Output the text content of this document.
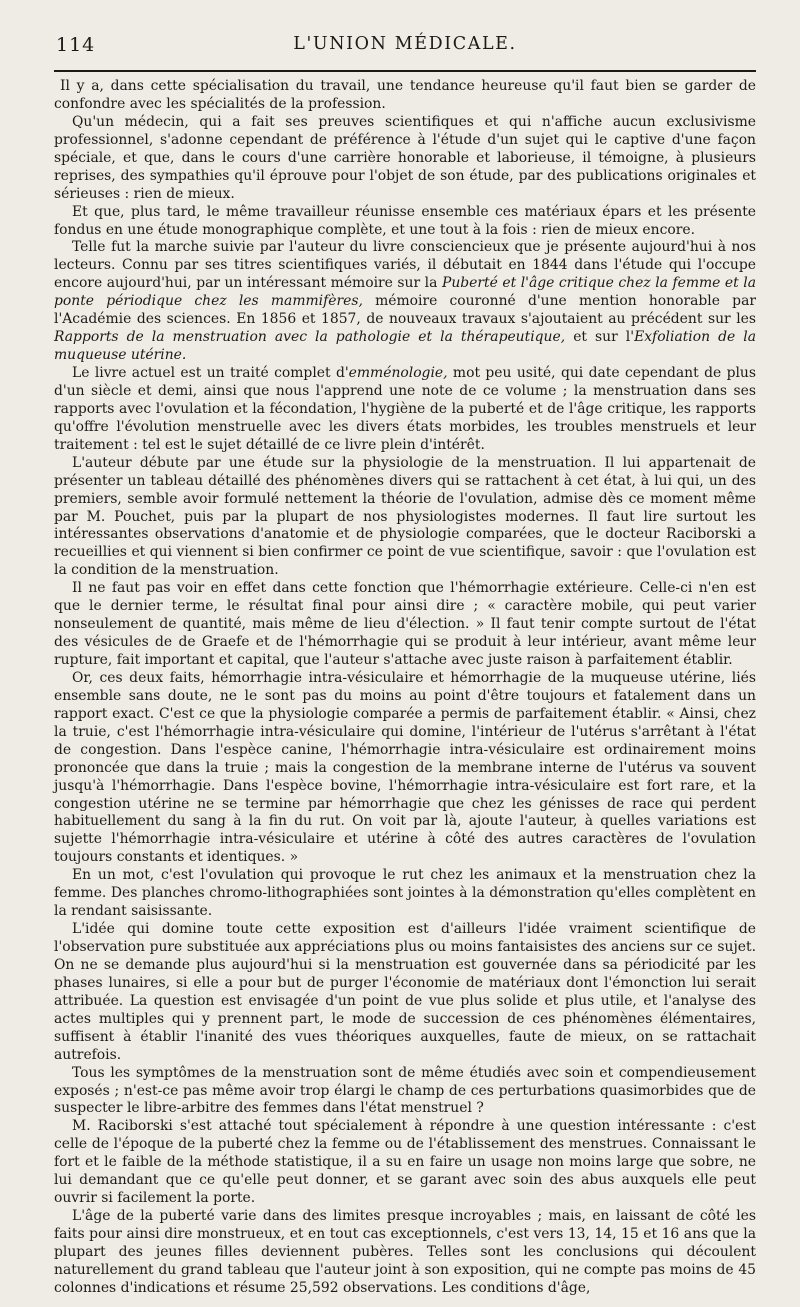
114	L'UNION MÉDICALE.

Il y a, dans cette spécialisation du travail, une tendance heureuse qu'il faut bien se garder de confondre avec les spécialités de la profession.

Qu'un médecin, qui a fait ses preuves scientifiques et qui n'affiche aucun exclusivisme professionnel, s'adonne cependant de préférence à l'étude d'un sujet qui le captive d'une façon spéciale, et que, dans le cours d'une carrière honorable et laborieuse, il témoigne, à plusieurs reprises, des sympathies qu'il éprouve pour l'objet de son étude, par des publications originales et sérieuses : rien de mieux.

Et que, plus tard, le même travailleur réunisse ensemble ces matériaux épars et les présente fondus en une étude monographique complète, et une tout à la fois : rien de mieux encore.

Telle fut la marche suivie par l'auteur du livre consciencieux que je présente aujourd'hui à nos lecteurs. Connu par ses titres scientifiques variés, il débutait en 1844 dans l'étude qui l'occupe encore aujourd'hui, par un intéressant mémoire sur la Puberté et l'âge critique chez la femme et la ponte périodique chez les mammifères, mémoire couronné d'une mention honorable par l'Académie des sciences. En 1856 et 1857, de nouveaux travaux s'ajoutaient au précédent sur les Rapports de la menstruation avec la pathologie et la thérapeutique, et sur l'Exfoliation de la muqueuse utérine.

Le livre actuel est un traité complet d'emménologie, mot peu usité, qui date cependant de plus d'un siècle et demi, ainsi que nous l'apprend une note de ce volume ; la menstruation dans ses rapports avec l'ovulation et la fécondation, l'hygiène de la puberté et de l'âge critique, les rapports qu'offre l'évolution menstruelle avec les divers états morbides, les troubles menstruels et leur traitement : tel est le sujet détaillé de ce livre plein d'intérêt.

L'auteur débute par une étude sur la physiologie de la menstruation. Il lui appartenait de présenter un tableau détaillé des phénomènes divers qui se rattachent à cet état, à lui qui, un des premiers, semble avoir formulé nettement la théorie de l'ovulation, admise dès ce moment même par M. Pouchet, puis par la plupart de nos physiologistes modernes. Il faut lire surtout les intéressantes observations d'anatomie et de physiologie comparées, que le docteur Raciborski a recueillies et qui viennent si bien confirmer ce point de vue scientifique, savoir : que l'ovulation est la condition de la menstruation.

Il ne faut pas voir en effet dans cette fonction que l'hémorrhagie extérieure. Celle-ci n'en est que le dernier terme, le résultat final pour ainsi dire ; « caractère mobile, qui peut varier nonseulement de quantité, mais même de lieu d'élection. » Il faut tenir compte surtout de l'état des vésicules de de Graefe et de l'hémorrhagie qui se produit à leur intérieur, avant même leur rupture, fait important et capital, que l'auteur s'attache avec juste raison à parfaitement établir.

Or, ces deux faits, hémorrhagie intra-vésiculaire et hémorrhagie de la muqueuse utérine, liés ensemble sans doute, ne le sont pas du moins au point d'être toujours et fatalement dans un rapport exact. C'est ce que la physiologie comparée a permis de parfaitement établir. « Ainsi, chez la truie, c'est l'hémorrhagie intra-vésiculaire qui domine, l'intérieur de l'utérus s'arrêtant à l'état de congestion. Dans l'espèce canine, l'hémorrhagie intra-vésiculaire est ordinairement moins prononcée que dans la truie ; mais la congestion de la membrane interne de l'utérus va souvent jusqu'à l'hémorrhagie. Dans l'espèce bovine, l'hémorrhagie intra-vésiculaire est fort rare, et la congestion utérine ne se termine par hémorrhagie que chez les génisses de race qui perdent habituellement du sang à la fin du rut. On voit par là, ajoute l'auteur, à quelles variations est sujette l'hémorrhagie intra-vésiculaire et utérine à côté des autres caractères de l'ovulation toujours constants et identiques. »

En un mot, c'est l'ovulation qui provoque le rut chez les animaux et la menstruation chez la femme. Des planches chromo-lithographiées sont jointes à la démonstration qu'elles complètent en la rendant saisissante.

L'idée qui domine toute cette exposition est d'ailleurs l'idée vraiment scientifique de l'observation pure substituée aux appréciations plus ou moins fantaisistes des anciens sur ce sujet. On ne se demande plus aujourd'hui si la menstruation est gouvernée dans sa périodicité par les phases lunaires, si elle a pour but de purger l'économie de matériaux dont l'émonction lui serait attribuée. La question est envisagée d'un point de vue plus solide et plus utile, et l'analyse des actes multiples qui y prennent part, le mode de succession de ces phénomènes élémentaires, suffisent à établir l'inanité des vues théoriques auxquelles, faute de mieux, on se rattachait autrefois.

Tous les symptômes de la menstruation sont de même étudiés avec soin et compendieusement exposés ; n'est-ce pas même avoir trop élargi le champ de ces perturbations quasimorbides que de suspecter le libre-arbitre des femmes dans l'état menstruel ?

M. Raciborski s'est attaché tout spécialement à répondre à une question intéressante : c'est celle de l'époque de la puberté chez la femme ou de l'établissement des menstrues. Connaissant le fort et le faible de la méthode statistique, il a su en faire un usage non moins large que sobre, ne lui demandant que ce qu'elle peut donner, et se garant avec soin des abus auxquels elle peut ouvrir si facilement la porte.

L'âge de la puberté varie dans des limites presque incroyables ; mais, en laissant de côté les faits pour ainsi dire monstrueux, et en tout cas exceptionnels, c'est vers 13, 14, 15 et 16 ans que la plupart des jeunes filles deviennent pubères. Telles sont les conclusions qui découlent naturellement du grand tableau que l'auteur joint à son exposition, qui ne compte pas moins de 45 colonnes d'indications et résume 25,592 observations. Les conditions d'âge,
